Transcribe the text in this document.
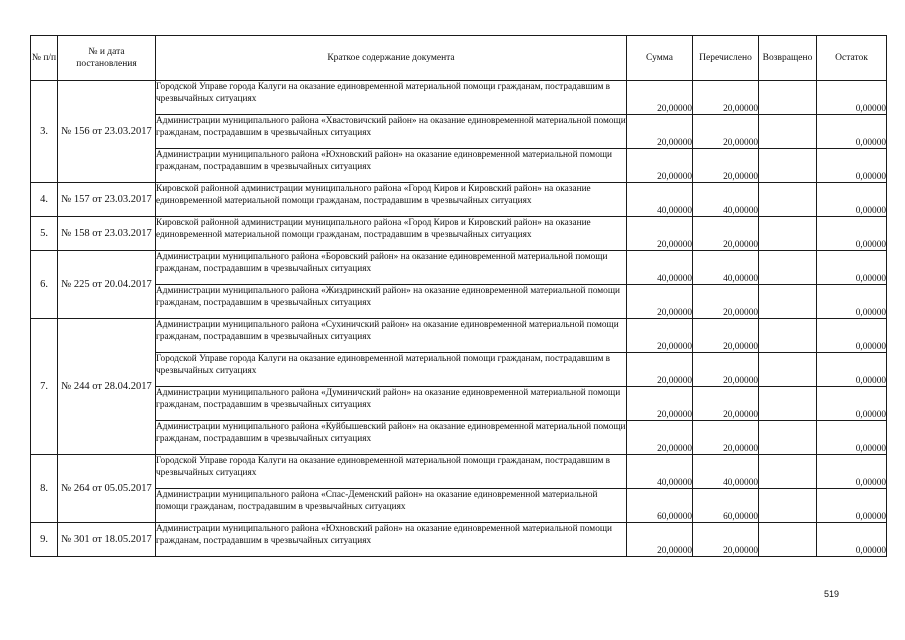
№ п/п	№ и дата постановления	Краткое содержание документа	Сумма	Перечислено	Возвращено	Остаток
3.	№ 156 от 23.03.2017	Городской Управе города Калуги на оказание единовременной материальной помощи гражданам, пострадавшим в чрезвычайных ситуациях	20,00000	20,00000		0,00000
		Администрации муниципального района «Хвастовичский район» на оказание единовременной материальной помощи гражданам, пострадавшим в чрезвычайных ситуациях	20,00000	20,00000		0,00000
		Администрации муниципального района «Юхновский район» на оказание единовременной материальной помощи гражданам, пострадавшим в чрезвычайных ситуациях	20,00000	20,00000		0,00000
4.	№ 157 от 23.03.2017	Кировской районной администрации муниципального района «Город Киров и Кировский район» на оказание единовременной материальной помощи гражданам, пострадавшим в чрезвычайных ситуациях	40,00000	40,00000		0,00000
5.	№ 158 от 23.03.2017	Кировской районной администрации муниципального района «Город Киров и Кировский район» на оказание единовременной материальной помощи гражданам, пострадавшим в чрезвычайных ситуациях	20,00000	20,00000		0,00000
6.	№ 225 от 20.04.2017	Администрации муниципального района «Боровский район» на оказание единовременной материальной помощи гражданам, пострадавшим в чрезвычайных ситуациях	40,00000	40,00000		0,00000
		Администрации муниципального района «Жиздринский район» на оказание единовременной материальной помощи гражданам, пострадавшим в чрезвычайных ситуациях	20,00000	20,00000		0,00000
7.	№ 244 от 28.04.2017	Администрации муниципального района «Сухиничский район» на оказание единовременной материальной помощи гражданам, пострадавшим в чрезвычайных ситуациях	20,00000	20,00000		0,00000
		Городской Управе города Калуги на оказание единовременной материальной помощи гражданам, пострадавшим в чрезвычайных ситуациях	20,00000	20,00000		0,00000
		Администрации муниципального района «Думиничский район» на оказание единовременной материальной помощи гражданам, пострадавшим в чрезвычайных ситуациях	20,00000	20,00000		0,00000
		Администрации муниципального района «Куйбышевский район» на оказание единовременной материальной помощи гражданам, пострадавшим в чрезвычайных ситуациях	20,00000	20,00000		0,00000
8.	№ 264 от 05.05.2017	Городской Управе города Калуги на оказание единовременной материальной помощи гражданам, пострадавшим в чрезвычайных ситуациях	40,00000	40,00000		0,00000
		Администрации муниципального района «Спас-Деменский район» на оказание единовременной материальной помощи гражданам, пострадавшим в чрезвычайных ситуациях	60,00000	60,00000		0,00000
9.	№ 301 от 18.05.2017	Администрации муниципального района «Юхновский район» на оказание единовременной материальной помощи гражданам, пострадавшим в чрезвычайных ситуациях	20,00000	20,00000		0,00000
519
